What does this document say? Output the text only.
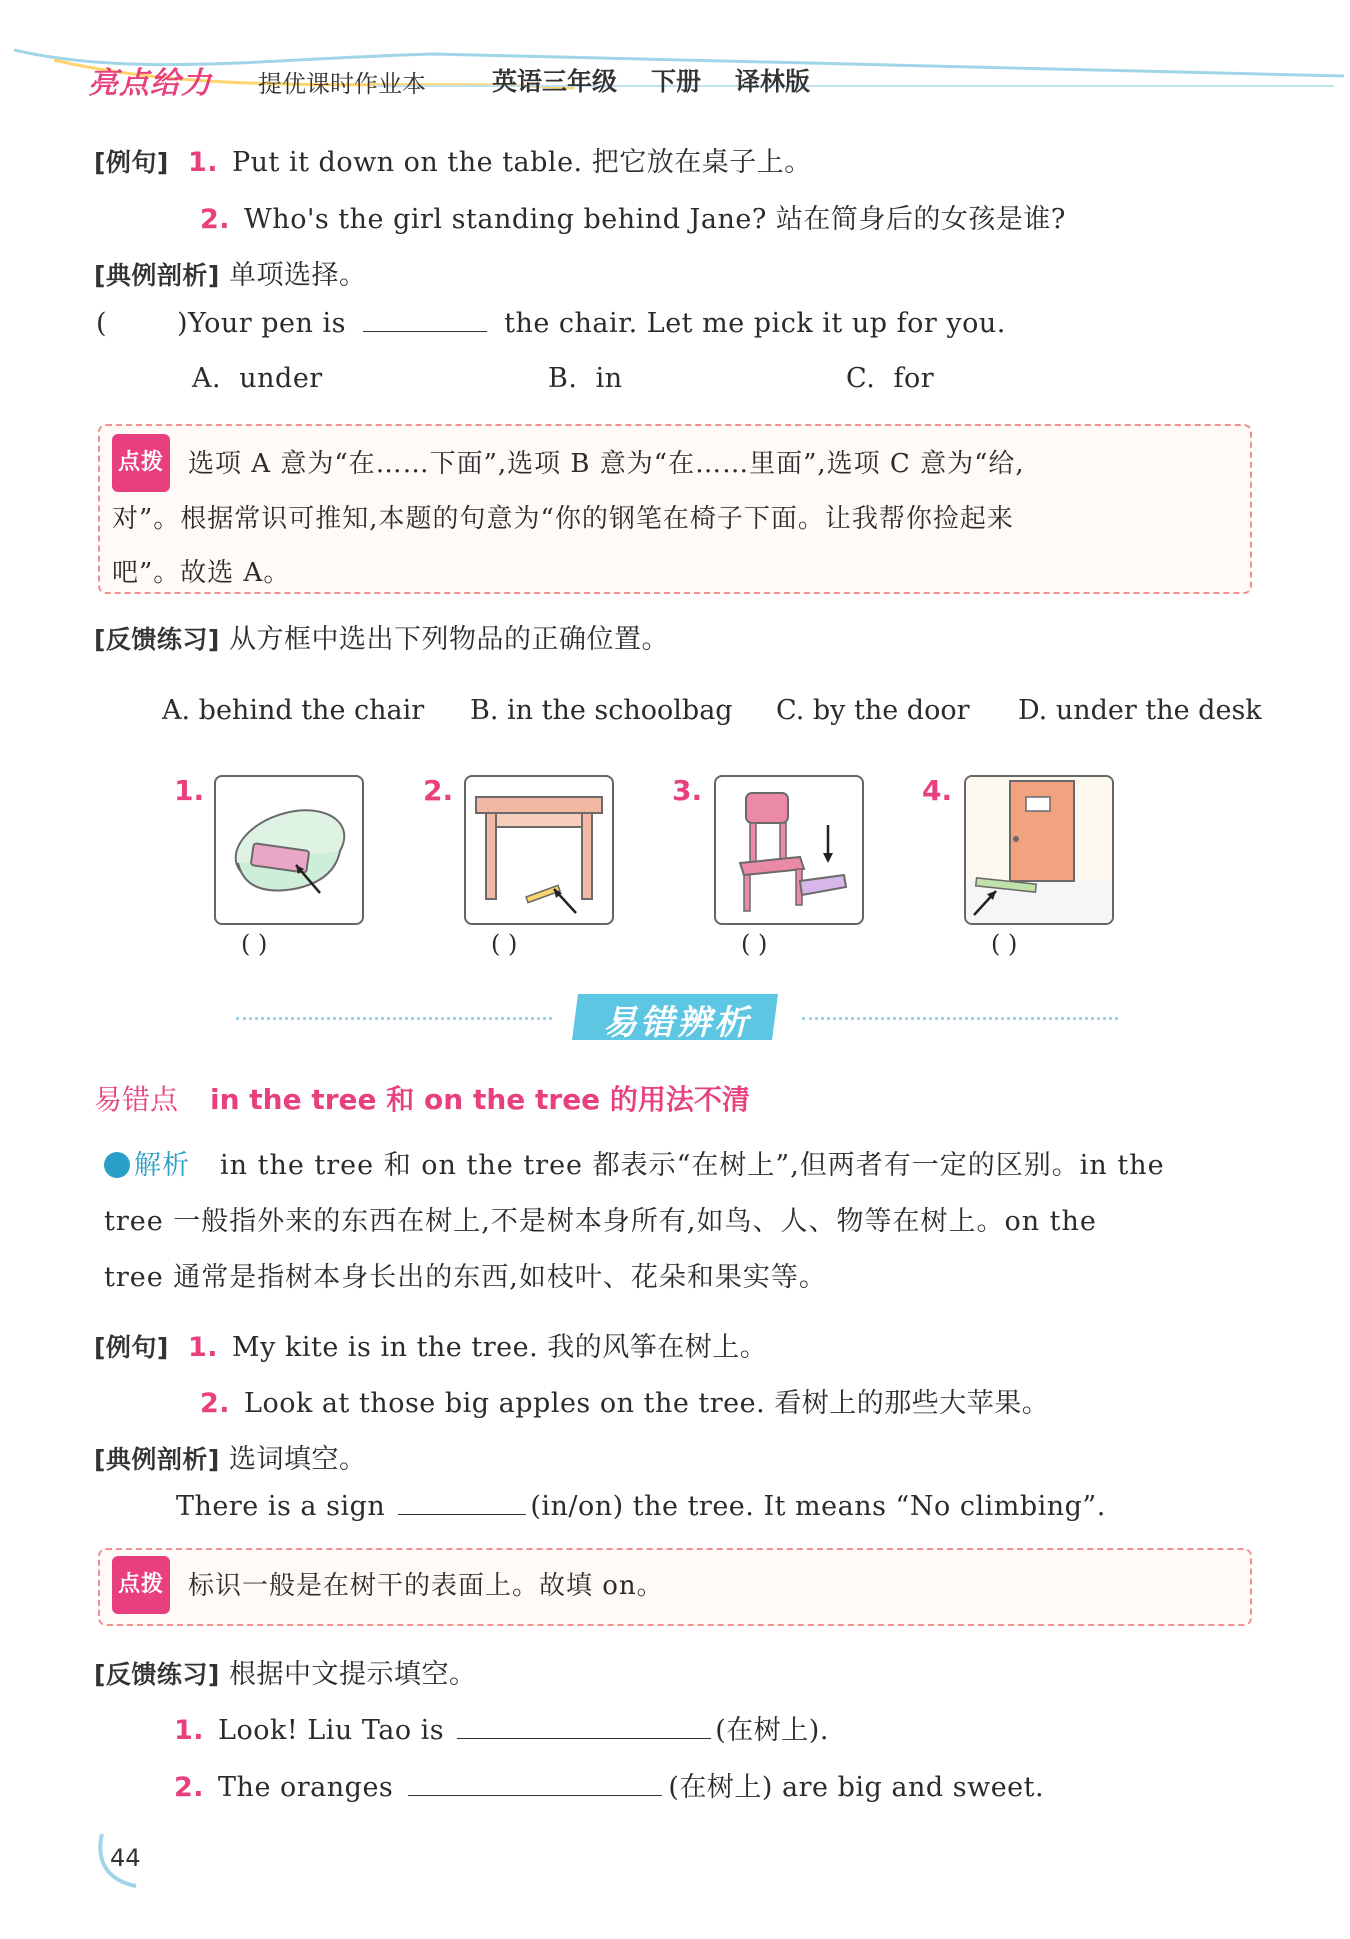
亮点给力 提优课时作业本	英语三年级 下册 译林版
[例句] 1. Put it down on the table. 把它放在桌子上。
2. Who's the girl standing behind Jane? 站在简身后的女孩是谁?
[典例剖析] 单项选择。
(	)Your pen is	the chair. Let me pick it up for you.
A. under	B. in	C. for
点拨 选项 A 意为“在……下面”,选项 B 意为“在……里面”,选项 C 意为“给,
对”。根据常识可推知,本题的句意为“你的钢笔在椅子下面。让我帮你捡起来
吧”。故选 A。
[反馈练习] 从方框中选出下列物品的正确位置。
A. behind the chair B. in the schoolbag C. by the door D. under the desk
1.
( )
2.
( )
3.
( )
4.
( )
易错辨析
易错点 in the tree 和 on the tree 的用法不清
解析 in the tree 和 on the tree 都表示“在树上”,但两者有一定的区别。in the
tree 一般指外来的东西在树上,不是树本身所有,如鸟、人、物等在树上。on the
tree 通常是指树本身长出的东西,如枝叶、花朵和果实等。
[例句] 1. My kite is in the tree. 我的风筝在树上。
2. Look at those big apples on the tree. 看树上的那些大苹果。
[典例剖析] 选词填空。
There is a sign	(in/on) the tree. It means “No climbing”.
点拨 标识一般是在树干的表面上。故填 on。
[反馈练习] 根据中文提示填空。
1. Look! Liu Tao is	(在树上).
2. The oranges	(在树上) are big and sweet.
44
